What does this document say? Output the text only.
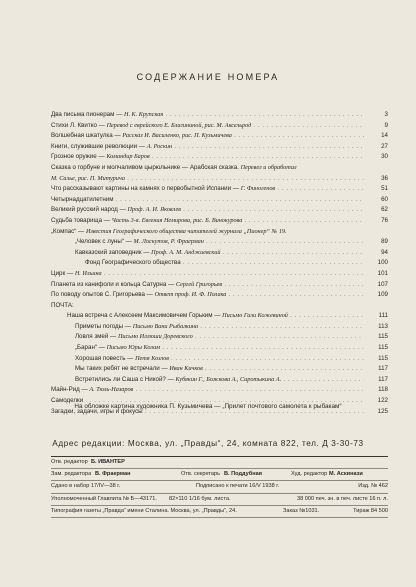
СОДЕРЖАНИЕ НОМЕРА
Два письма пионерам — Н. К. Крупская . . .	3
Стихи Л. Квитко — Перевод с еврейского Е. Благининой, рис. М. Аксельрод . . .	9
Волшебная шкатулка — Рассказ И. Василенко, рис. П. Кузьмичева . . .	14
Книги, служившие революции — А. Роскин . . .	27
Грозное оружие — Командир Баров . . .	30
Сказка о горбуне и молчаливом цырюльнике — Арабская сказка. Перевел и обработал
М. Салье, рис. П. Митурича . . .	36
Что рассказывают картины на камнях о первобытной Испании — Г. Финогенов . . .	51
Четырнадцатилетним . . .	60
Великий русский народ — Проф. А. И. Яковлев . . .	62
Судьба товарища — Часть 3-я. Евгения Немирова, рис. Б. Винокурова . . .	76
„Компас“ — Известия Географического общества читателей журнала „Пионер“ № 19.
„Человек с луны“ — М. Лоскутов, Р. Фраерман . . .	89
Кавказский заповедник — Проф. А. М. Анджиевский . . .	94
Фонд Географического общества . . .	100
Цирк — Н. Ильина . . .	101
Планета из канифоли и кольца Сатурна — Сергей Григорьев . . .	107
По поводу опытов С. Григорьева — Ответ проф. И. Ф. Полака . . .	109
ПОЧТА:
Наша встреча с Алексеем Максимовичем Горьким — Письмо Гали Кожевиной . . .	111
Приметы погоды — Письмо Вани Рыбалкина . . .	113
Ловля змей — Письмо Иллюши Доревского . . .	115
„Баран“ — Письмо Юры Колам . . .	115
Хорошая повесть — Петя Козлов . . .	115
Мы таких ребят не встречали — Иван Кичков . . .	117
Встретились ли Саша с Никой? — Кубякин Г., Божкова А., Сиротыкина А. . . .	117
Майн-Рид — А. Тюль-Назаров . . .	118
Самоделки . . .	122
Загадки, задачи, игры и фокусы . . .	125
На обложке картина художника П. Кузьмичева — „Прилет почтового самолета к рыбакам“
Адрес редакции: Москва, ул. „Правды“, 24, комната 822, тел. Д 3-30-73
Отв. редактор Б. ИВАНТЕР
Зам. редактора В. Фраерман	Отв. секретарь В. Поддубная	Худ. редактор М. Аскинази
Сдано в набор 17/IV—38 г.	Подписано к печати 16/V 1938 г.	Изд. № 462
Уполномоченный Главлита № Б—43171. 82×110 1/16 бум. листа.	38 000 печ. зн. в печ. листе 16 п. л.
Типография газеты „Правда“ имени Сталина. Москва, ул. „Правды“, 24.	Заказ №1031.	Тираж 84 500
